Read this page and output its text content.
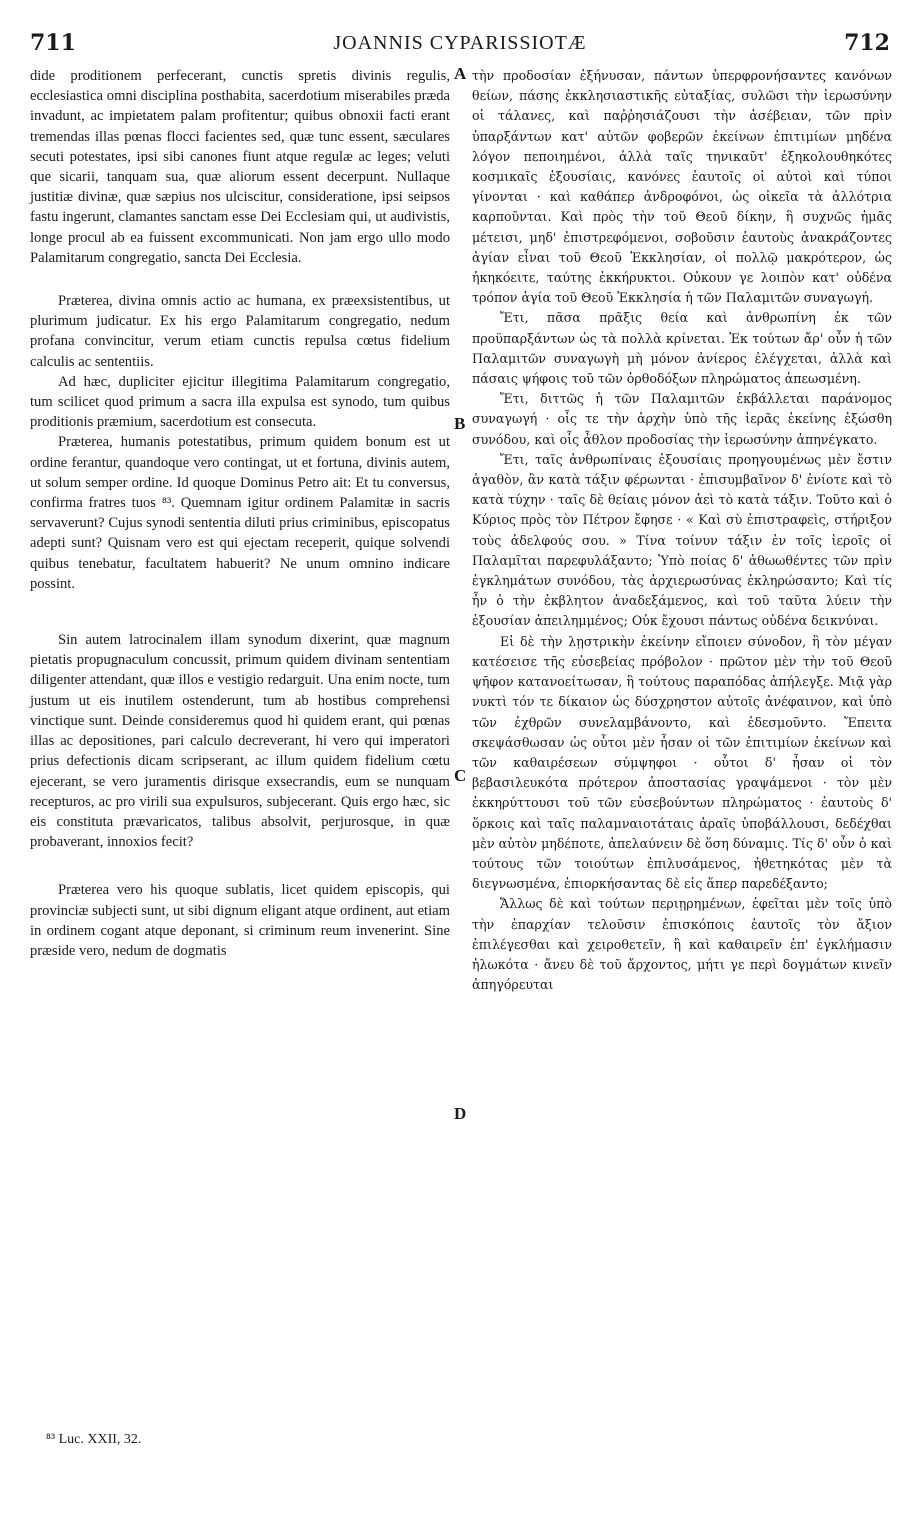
711	JOANNIS CYPARISSIOTÆ	712

dide proditionem perfecerant, cunctis spretis divinis regulis, ecclesiastica omni disciplina posthabita, sacerdotium miserabiles præda invadunt, ac impietatem palam profitentur; quibus obnoxii facti erant tremendas illas pœnas flocci facientes sed, quæ tunc essent, sæculares secuti potestates, ipsi sibi canones fiunt atque regulæ ac leges; veluti que sicarii, tanquam sua, quæ aliorum essent decerpunt. Nullaque justitiæ divinæ, quæ sæpius nos ulciscitur, consideratione, ipsi seipsos fastu ingerunt, clamantes sanctam esse Dei Ecclesiam qui, ut audivistis, longe procul ab ea fuissent excommunicati. Non jam ergo ullo modo Palamitarum congregatio, sancta Dei Ecclesia.

Præterea, divina omnis actio ac humana, ex præexsistentibus, ut plurimum judicatur. Ex his ergo Palamitarum congregatio, nedum profana convincitur, verum etiam cunctis repulsa cœtus fidelium calculis ac sententiis.

Ad hæc, dupliciter ejicitur illegitima Palamitarum congregatio, tum scilicet quod primum a sacra illa expulsa est synodo, tum quibus proditionis præmium, sacerdotium est consecuta.

Præterea, humanis potestatibus, primum quidem bonum est ut ordine ferantur, quandoque vero contingat, ut et fortuna, divinis autem, ut solum semper ordine. Id quoque Dominus Petro ait: Et tu conversus, confirma fratres tuos ⁸³. Quemnam igitur ordinem Palamitæ in sacris servaverunt? Cujus synodi sententia diluti prius criminibus, episcopatus adepti sunt? Quisnam vero est qui ejectam receperit, quique solvendi quibus tenebatur, facultatem habuerit? Ne unum omnino indicare possint.

Sin autem latrocinalem illam synodum dixerint, quæ magnum pietatis propugnaculum concussit, primum quidem divinam sententiam diligenter attendant, quæ illos e vestigio redarguit. Una enim nocte, tum justum ut eis inutilem ostenderunt, tum ab hostibus comprehensi vinctique sunt. Deinde consideremus quod hi quidem erant, qui pœnas illas ac depositiones, pari calculo decreverant, hi vero qui imperatori prius defectionis dicam scripserant, ac illum quidem fidelium cœtu ejecerant, se vero juramentis dirisque exsecrandis, eum se nunquam recepturos, ac pro virili sua expulsuros, subjecerant. Quis ergo hæc, sic eis constituta prævaricatos, talibus absolvit, perjurosque, in quæ probaverant, innoxios fecit?

Præterea vero his quoque sublatis, licet quidem episcopis, qui provinciæ subjecti sunt, ut sibi dignum eligant atque ordinent, aut etiam in ordinem cogant atque deponant, si criminum reum invenerint. Sine præside vero, nedum de dogmatis

A
B
C
D

τὴν προδοσίαν ἐξήνυσαν, πάντων ὑπερφρονήσαντες κανόνων θείων, πάσης ἐκκλησιαστικῆς εὐταξίας, συλῶσι τὴν ἱερωσύνην οἱ τάλανες, καὶ παῤῥησιάζουσι τὴν ἀσέβειαν, τῶν πρὶν ὑπαρξάντων κατ' αὐτῶν φοβερῶν ἐκείνων ἐπιτιμίων μηδένα λόγον πεποιημένοι, ἀλλὰ ταῖς τηνικαῦτ' ἐξηκολουθηκότες κοσμικαῖς ἐξουσίαις, κανόνες ἑαυτοῖς οἱ αὐτοὶ καὶ τύποι γίνονται · καὶ καθάπερ ἀνδροφόνοι, ὡς οἰκεῖα τὰ ἀλλότρια καρποῦνται. Καὶ πρὸς τὴν τοῦ Θεοῦ δίκην, ἣ συχνῶς ἡμᾶς μέτεισι, μηδ' ἐπιστρεφόμενοι, σοβοῦσιν ἑαυτοὺς ἀνακράζοντες ἁγίαν εἶναι τοῦ Θεοῦ Ἐκκλησίαν, οἱ πολλῷ μακρότερον, ὡς ἠκηκόειτε, ταύτης ἐκκήρυκτοι. Οὐκουν γε λοιπὸν κατ' οὐδένα τρόπον ἁγία τοῦ Θεοῦ Ἐκκλησία ἡ τῶν Παλαμιτῶν συναγωγή.

Ἔτι, πᾶσα πρᾶξις θεία καὶ ἀνθρωπίνη ἐκ τῶν προϋπαρξάντων ὡς τὰ πολλὰ κρίνεται. Ἐκ τούτων ἄρ' οὖν ἡ τῶν Παλαμιτῶν συναγωγὴ μὴ μόνον ἀνίερος ἐλέγχεται, ἀλλὰ καὶ πάσαις ψήφοις τοῦ τῶν ὀρθοδόξων πληρώματος ἀπεωσμένη.

Ἔτι, διττῶς ἡ τῶν Παλαμιτῶν ἐκβάλλεται παράνομος συναγωγή · οἷς τε τὴν ἀρχὴν ὑπὸ τῆς ἱερᾶς ἐκείνης ἐξώσθη συνόδου, καὶ οἷς ἆθλον προδοσίας τὴν ἱερωσύνην ἀπηνέγκατο.

Ἔτι, ταῖς ἀνθρωπίναις ἐξουσίαις προηγουμένως μὲν ἔστιν ἀγαθὸν, ἂν κατὰ τάξιν φέρωνται · ἐπισυμβαῖνον δ' ἐνίοτε καὶ τὸ κατὰ τύχην · ταῖς δὲ θείαις μόνον ἀεὶ τὸ κατὰ τάξιν. Τοῦτο καὶ ὁ Κύριος πρὸς τὸν Πέτρον ἔφησε · « Καὶ σὺ ἐπιστραφεὶς, στήριξον τοὺς ἀδελφούς σου. » Τίνα τοίνυν τάξιν ἐν τοῖς ἱεροῖς οἱ Παλαμῖται παρεφυλάξαντο; Ὑπὸ ποίας δ' ἀθωωθέντες τῶν πρὶν ἐγκλημάτων συνόδου, τὰς ἀρχιερωσύνας ἐκληρώσαντο; Καὶ τίς ἦν ὁ τὴν ἐκβλητον ἀναδεξάμενος, καὶ τοῦ ταῦτα λύειν τὴν ἐξουσίαν ἀπειλημμένος; Οὐκ ἔχουσι πάντως οὐδένα δεικνύναι.

Εἰ δὲ τὴν λῃστρικὴν ἐκείνην εἴποιεν σύνοδον, ἣ τὸν μέγαν κατέσεισε τῆς εὐσεβείας πρόβολον · πρῶτον μὲν τὴν τοῦ Θεοῦ ψῆφον κατανοείτωσαν, ἣ τούτους παραπόδας ἀπήλεγξε. Μιᾷ γὰρ νυκτὶ τόν τε δίκαιον ὡς δύσχρηστον αὐτοῖς ἀνέφαινον, καὶ ὑπὸ τῶν ἐχθρῶν συνελαμβάνοντο, καὶ ἐδεσμοῦντο. Ἔπειτα σκεψάσθωσαν ὡς οὗτοι μὲν ἦσαν οἱ τῶν ἐπιτιμίων ἐκείνων καὶ τῶν καθαιρέσεων σύμψηφοι · οὗτοι δ' ἦσαν οἱ τὸν βεβασιλευκότα πρότερον ἀποστασίας γραψάμενοι · τὸν μὲν ἐκκηρύττουσι τοῦ τῶν εὐσεβούντων πληρώματος · ἑαυτοὺς δ' ὅρκοις καὶ ταῖς παλαμναιοτάταις ἀραῖς ὑποβάλλουσι, δεδέχθαι μὲν αὐτὸν μηδέποτε, ἀπελαύνειν δὲ ὅση δύναμις. Τίς δ' οὖν ὁ καὶ τούτους τῶν τοιούτων ἐπιλυσάμενος, ἠθετηκότας μὲν τὰ διεγνωσμένα, ἐπιορκήσαντας δὲ εἰς ἅπερ παρεδέξαντο;

Ἄλλως δὲ καὶ τούτων περιῃρημένων, ἐφεῖται μὲν τοῖς ὑπὸ τὴν ἐπαρχίαν τελοῦσιν ἐπισκόποις ἑαυτοῖς τὸν ἄξιον ἐπιλέγεσθαι καὶ χειροθετεῖν, ἢ καὶ καθαιρεῖν ἐπ' ἐγκλήμασιν ἡλωκότα · ἄνευ δὲ τοῦ ἄρχοντος, μήτι γε περὶ δογμάτων κινεῖν ἀπηγόρευται

⁸³ Luc. XXII, 32.
